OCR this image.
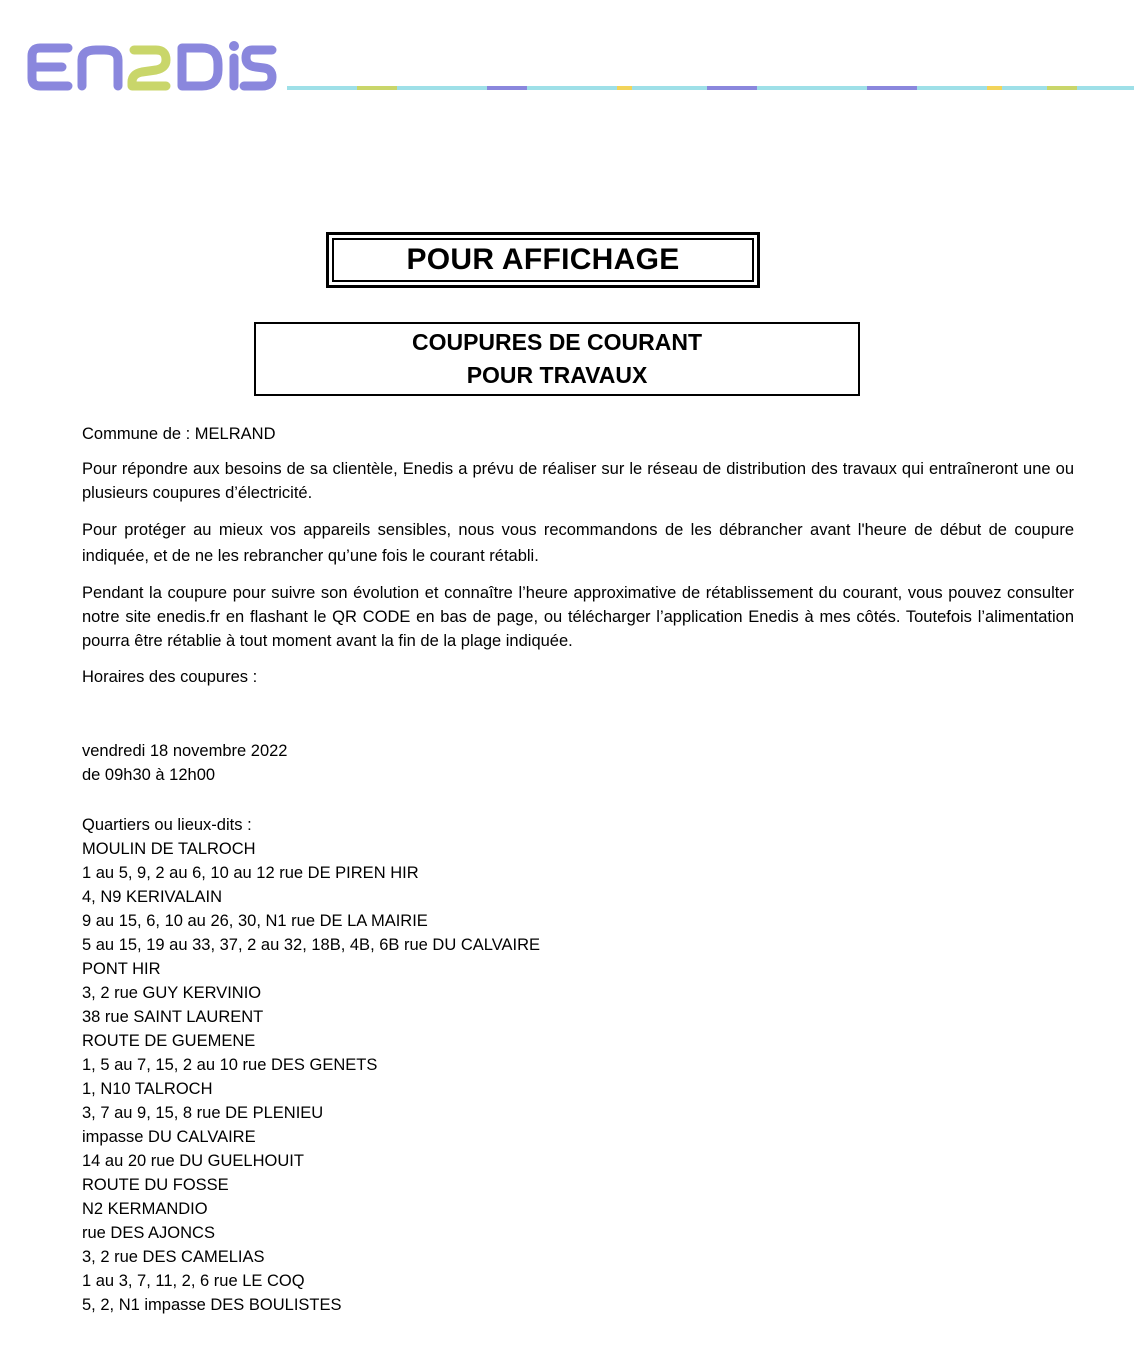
POUR AFFICHAGE
COUPURES DE COURANT
POUR TRAVAUX

Commune de : MELRAND

Pour répondre aux besoins de sa clientèle, Enedis a prévu de réaliser sur le réseau de distribution des travaux qui entraîneront une ou plusieurs coupures d’électricité.

Pour protéger au mieux vos appareils sensibles, nous vous recommandons de les débrancher avant l'heure de début de coupure indiquée, et de ne les rebrancher qu’une fois le courant rétabli.

Pendant la coupure pour suivre son évolution et connaître l’heure approximative de rétablissement du courant, vous pouvez consulter notre site enedis.fr en flashant le QR CODE en bas de page, ou télécharger l’application Enedis à mes côtés. Toutefois l’alimentation pourra être rétablie à tout moment avant la fin de la plage indiquée.

Horaires des coupures :

vendredi 18 novembre 2022
de 09h30 à 12h00
Quartiers ou lieux-dits :
MOULIN DE TALROCH
1 au 5, 9, 2 au 6, 10 au 12 rue DE PIREN HIR
4, N9 KERIVALAIN
9 au 15, 6, 10 au 26, 30, N1 rue DE LA MAIRIE
5 au 15, 19 au 33, 37, 2 au 32, 18B, 4B, 6B rue DU CALVAIRE
PONT HIR
3, 2 rue GUY KERVINIO
38 rue SAINT LAURENT
ROUTE DE GUEMENE
1, 5 au 7, 15, 2 au 10 rue DES GENETS
1, N10 TALROCH
3, 7 au 9, 15, 8 rue DE PLENIEU
impasse DU CALVAIRE
14 au 20 rue DU GUELHOUIT
ROUTE DU FOSSE
N2 KERMANDIO
rue DES AJONCS
3, 2 rue DES CAMELIAS
1 au 3, 7, 11, 2, 6 rue LE COQ
5, 2, N1 impasse DES BOULISTES
